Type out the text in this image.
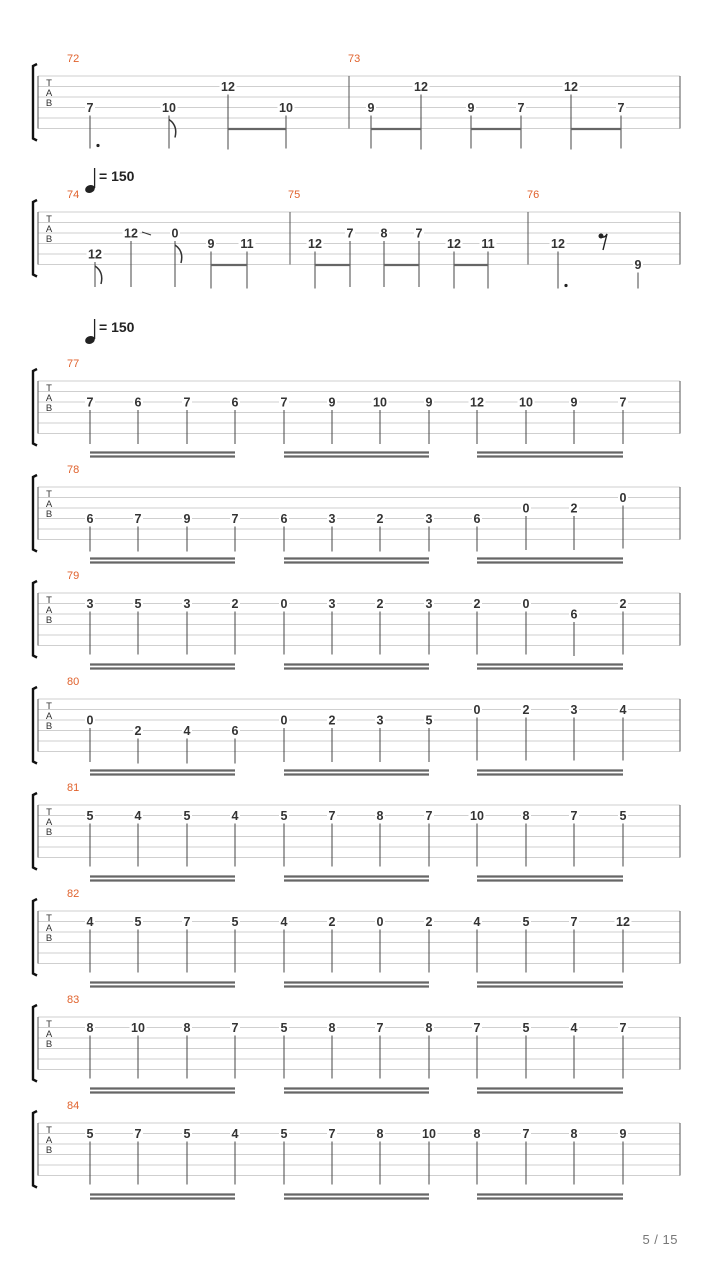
T
A
B
72	73
7	10
12
10	9
12
9	7
12
7
T
A
B
74	75	76
= 150
12
12	0
9 11	12
7 8 7
12 11	12
9
T
A
B
77
= 150
7	6	7	6	7	9	10	9	12	10	9	7
T
A
B
78
6	7	9	7	6	3	2	3	6
0	2
0
T
A
B
79
3	5	3	2	0	3	2	3	2	0
6
2
T
A
B
80
0
2	4	6
0	2	3	5
0	2	3	4
T
A
B
81
5	4	5	4	5	7	8	7	10	8	7	5
T
A
B
82
4	5	7	5	4	2	0	2	4	5	7	12
T
A
B
83
8	10	8	7	5	8	7	8	7	5	4	7
T
A
B
84
5	7	5	4	5	7	8	10	8	7	8	9
5 / 15
